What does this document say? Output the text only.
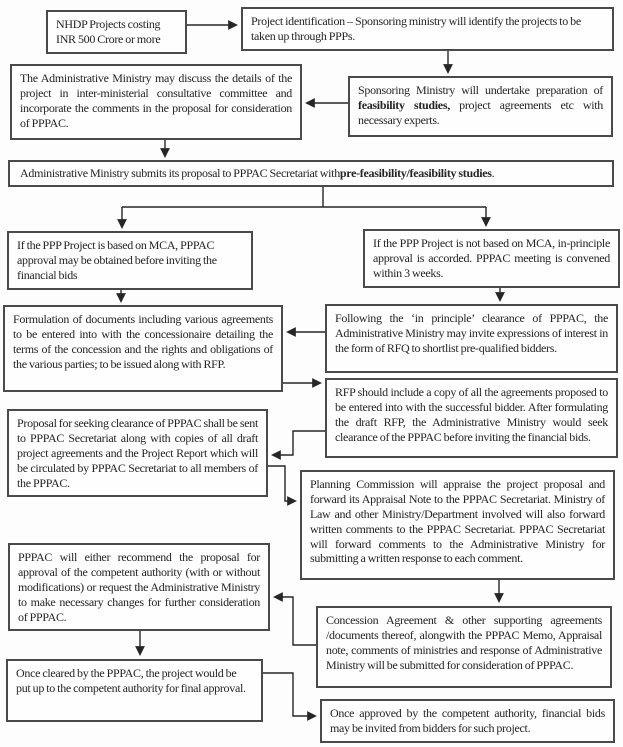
NHDP Projects costing INR 500 Crore or more
Project identification – Sponsoring ministry will identify the projects to be taken up through PPPs.
The Administrative Ministry may discuss the details of the project in inter-ministerial consultative committee and incorporate the comments in the proposal for consideration of PPPAC.
Sponsoring Ministry will undertake preparation of feasibility studies, project agreements etc with necessary experts.
Administrative Ministry submits its proposal to PPPAC Secretariat with pre-feasibility/feasibility studies .
If the PPP Project is based on MCA, PPPAC approval may be obtained before inviting the financial bids
If the PPP Project is not based on MCA, in-principle approval is accorded. PPPAC meeting is convened within 3 weeks.
Formulation of documents including various agreements to be entered into with the concessionaire detailing the terms of the concession and the rights and obligations of the various parties; to be issued along with RFP.
Following the ‘in principle’ clearance of PPPAC, the Administrative Ministry may invite expressions of interest in the form of RFQ to shortlist pre-qualified bidders.
Proposal for seeking clearance of PPPAC shall be sent to PPPAC Secretariat along with copies of all draft project agreements and the Project Report which will be circulated by PPPAC Secretariat to all members of the PPPAC.
RFP should include a copy of all the agreements proposed to be entered into with the successful bidder. After formulating the draft RFP, the Administrative Ministry would seek clearance of the PPPAC before inviting the financial bids.
Planning Commission will appraise the project proposal and forward its Appraisal Note to the PPPAC Secretariat. Ministry of Law and other Ministry/Department involved will also forward written comments to the PPPAC Secretariat. PPPAC Secretariat will forward comments to the Administrative Ministry for submitting a written response to each comment.
PPPAC will either recommend the proposal for approval of the competent authority (with or without modifications) or request the Administrative Ministry to make necessary changes for further consideration of PPPAC.	Concession Agreement & other supporting agreements /documents thereof, alongwith the PPPAC Memo, Appraisal note, comments of ministries and response of Administrative Ministry will be submitted for consideration of PPPAC.
Once cleared by the PPPAC, the project would be put up to the competent authority for final approval.
Once approved by the competent authority, financial bids may be invited from bidders for such project.
